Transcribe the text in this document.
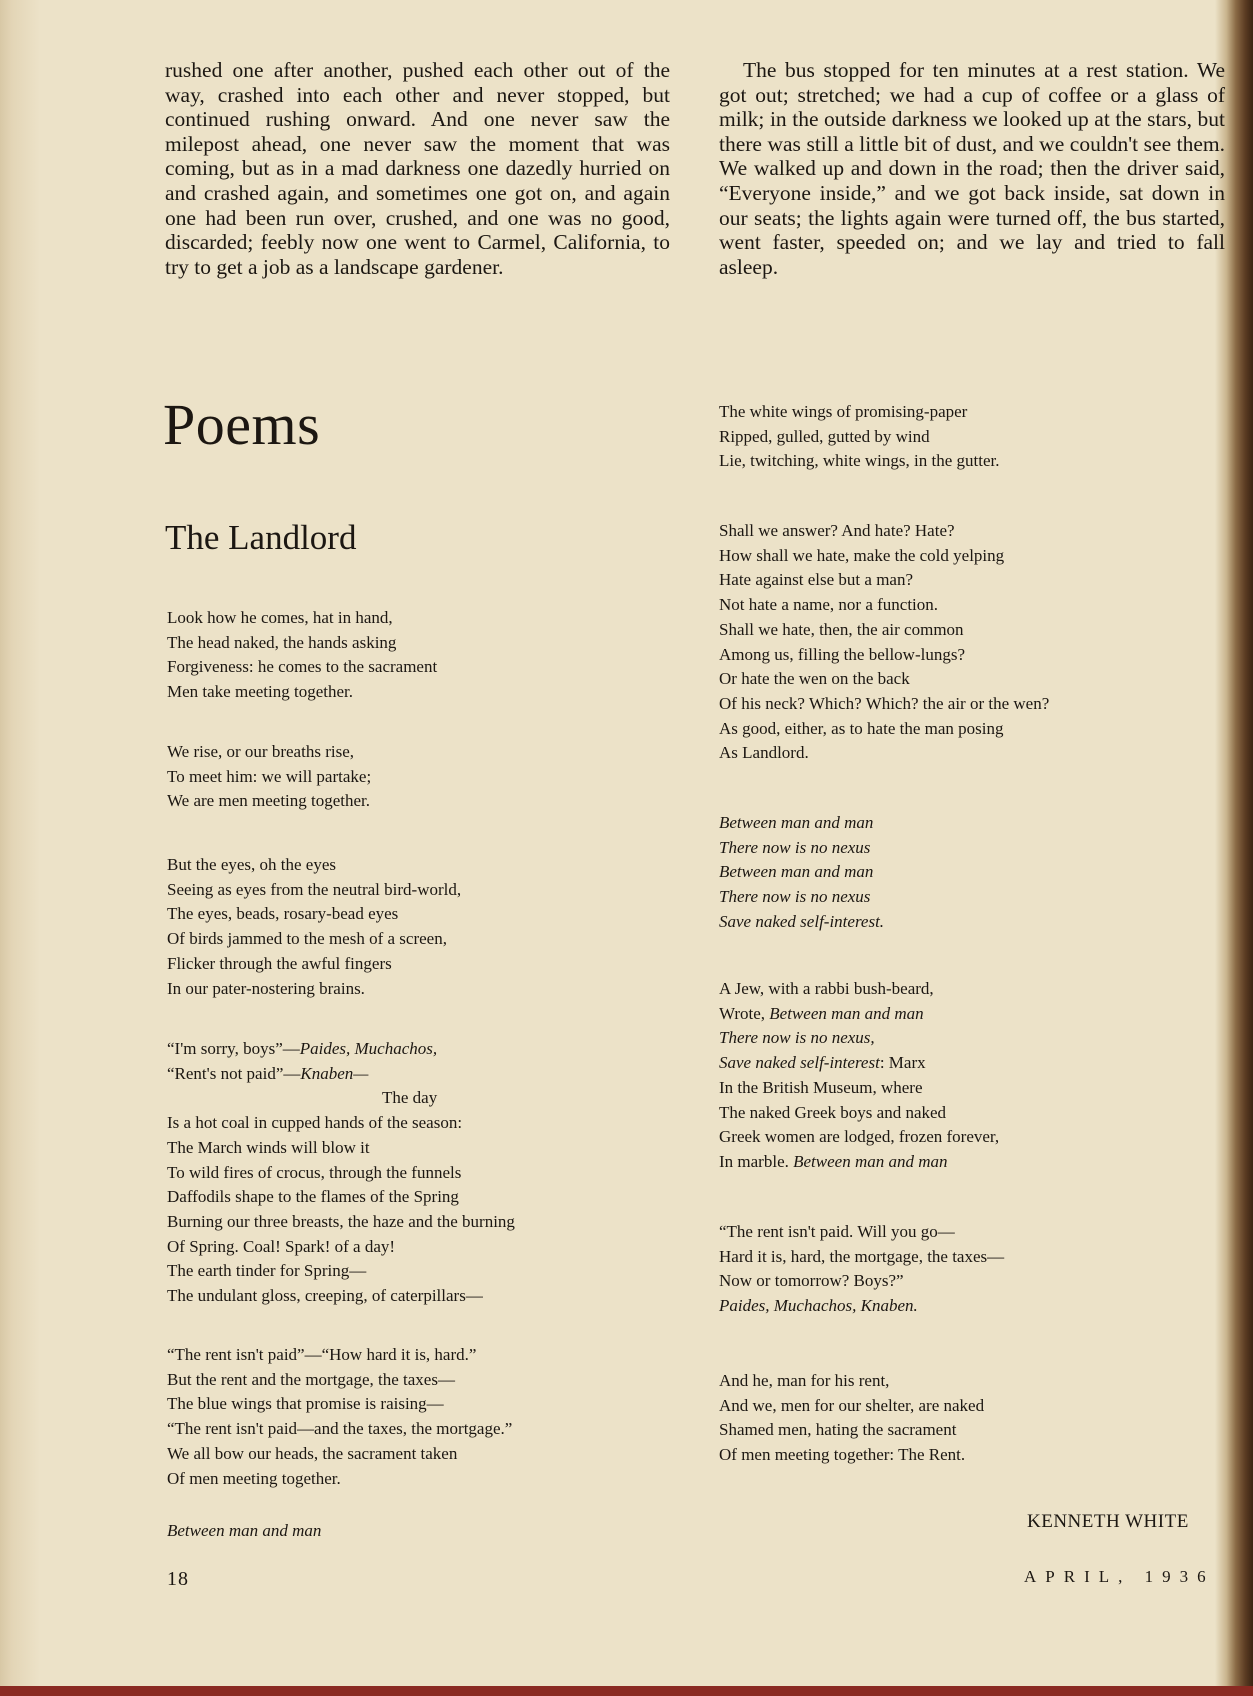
rushed one after another, pushed each other out of the way, crashed into each other and never stopped, but continued rushing onward. And one never saw the milepost ahead, one never saw the moment that was coming, but as in a mad darkness one dazedly hurried on and crashed again, and sometimes one got on, and again one had been run over, crushed, and one was no good, discarded; feebly now one went to Carmel, California, to try to get a job as a landscape gardener.

The bus stopped for ten minutes at a rest station. We got out; stretched; we had a cup of coffee or a glass of milk; in the outside darkness we looked up at the stars, but there was still a little bit of dust, and we couldn't see them. We walked up and down in the road; then the driver said, “Everyone inside,” and we got back inside, sat down in our seats; the lights again were turned off, the bus started, went faster, speeded on; and we lay and tried to fall asleep.

Poems
The Landlord
Look how he comes, hat in hand,
The head naked, the hands asking
Forgiveness: he comes to the sacrament
Men take meeting together.
We rise, or our breaths rise,
To meet him: we will partake;
We are men meeting together.
But the eyes, oh the eyes
Seeing as eyes from the neutral bird-world,
The eyes, beads, rosary-bead eyes
Of birds jammed to the mesh of a screen,
Flicker through the awful fingers
In our pater-nostering brains.
“I'm sorry, boys”—Paides, Muchachos,
“Rent's not paid”—Knaben—
The day
Is a hot coal in cupped hands of the season:
The March winds will blow it
To wild fires of crocus, through the funnels
Daffodils shape to the flames of the Spring
Burning our three breasts, the haze and the burning
Of Spring. Coal! Spark! of a day!
The earth tinder for Spring—
The undulant gloss, creeping, of caterpillars—
“The rent isn't paid”—“How hard it is, hard.”
But the rent and the mortgage, the taxes—
The blue wings that promise is raising—
“The rent isn't paid—and the taxes, the mortgage.”
We all bow our heads, the sacrament taken
Of men meeting together.
Between man and man
The white wings of promising-paper
Ripped, gulled, gutted by wind
Lie, twitching, white wings, in the gutter.
Shall we answer? And hate? Hate?
How shall we hate, make the cold yelping
Hate against else but a man?
Not hate a name, nor a function.
Shall we hate, then, the air common
Among us, filling the bellow-lungs?
Or hate the wen on the back
Of his neck? Which? Which? the air or the wen?
As good, either, as to hate the man posing
As Landlord.
Between man and man
There now is no nexus
Between man and man
There now is no nexus
Save naked self-interest.
A Jew, with a rabbi bush-beard,
Wrote, Between man and man
There now is no nexus,
Save naked self-interest: Marx
In the British Museum, where
The naked Greek boys and naked
Greek women are lodged, frozen forever,
In marble. Between man and man
“The rent isn't paid. Will you go—
Hard it is, hard, the mortgage, the taxes—
Now or tomorrow? Boys?”
Paides, Muchachos, Knaben.
And he, man for his rent,
And we, men for our shelter, are naked
Shamed men, hating the sacrament
Of men meeting together: The Rent.
KENNETH WHITE
18	APRIL, 1936
